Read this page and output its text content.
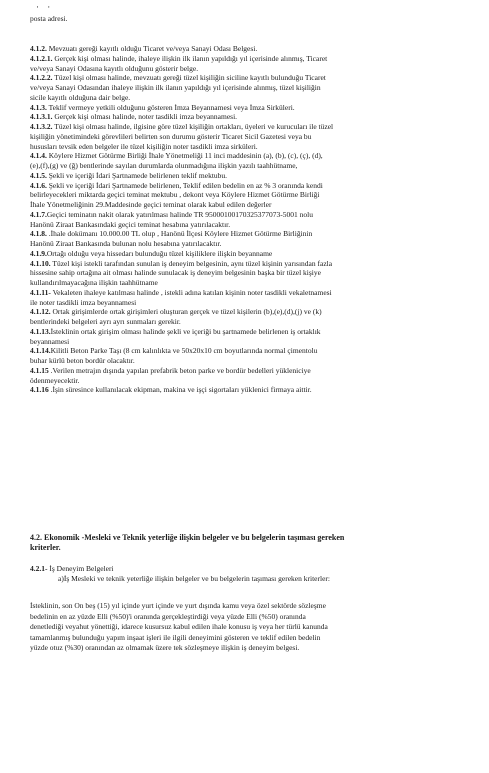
· ·
posta adresi.
4.1.2. Mevzuatı gereği kayıtlı olduğu Ticaret ve/veya Sanayi Odası Belgesi.
4.1.2.1. Gerçek kişi olması halinde, ihaleye ilişkin ilk ilanın yapıldığı yıl içerisinde alınmış, Ticaret
ve/veya Sanayi Odasına kayıtlı olduğunu gösterir belge.
4.1.2.2. Tüzel kişi olması halinde, mevzuatı gereği tüzel kişiliğin siciline kayıtlı bulunduğu Ticaret
ve/veya Sanayi Odasından ihaleye ilişkin ilk ilanın yapıldığı yıl içerisinde alınmış, tüzel kişiliğin
sicile kayıtlı olduğuna dair belge.
4.1.3. Teklif vermeye yetkili olduğunu gösteren İmza Beyannamesi veya İmza Sirküleri.
4.1.3.1. Gerçek kişi olması halinde, noter tasdikli imza beyannamesi.
4.1.3.2. Tüzel kişi olması halinde, ilgisine göre tüzel kişiliğin ortakları, üyeleri ve kurucuları ile tüzel
kişiliğin yönetimindeki görevlileri belirten son durumu gösterir Ticaret Sicil Gazetesi veya bu
hususları tevsik eden belgeler ile tüzel kişiliğin noter tasdikli imza sirküleri.
4.1.4. Köylere Hizmet Götürme Birliği İhale Yönetmeliği 11 inci maddesinin (a), (b), (c), (ç), (d),
(e),(f),(g) ve (ğ) bentlerinde sayılan durumlarda olunmadığına ilişkin yazılı taahhütname,
4.1.5. Şekli ve içeriği İdari Şartnamede belirlenen teklif mektubu.
4.1.6. Şekli ve içeriği İdari Şartnamede belirlenen, Teklif edilen bedelin en az % 3 oranında kendi
belirleyecekleri miktarda geçici teminat mektubu , dekont veya Köylere Hizmet Götürme Birliği
İhale Yönetmeliğinin 29.Maddesinde geçici teminat olarak kabul edilen değerler
4.1.7.Geçici teminatın nakit olarak yatırılması halinde TR 950001001703253770​73-5001 nolu
Hanönü Ziraat Bankasındaki geçici teminat hesabına yatırılacaktır.
4.1.8. .İhale dokümanı 10.000.00 TL olup , Hanönü İlçesi Köylere Hizmet Götürme Birliğinin
Hanönü Ziraat Bankasında bulunan nolu hesabına yatırılacaktır.
4.1.9.Ortağı olduğu veya hissedarı bulunduğu tüzel kişiliklere ilişkin beyanname
4.1.10. Tüzel kişi istekli tarafından sunulan iş deneyim belgesinin, aynı tüzel kişinin yarısından fazla
hissesine sahip ortağına ait olması halinde sunulacak iş deneyim belgesinin başka bir tüzel kişiye
kullandırılmayacağına ilişkin taahhütname
4.1.11- Vekaleten ihaleye katılması halinde , istekli adına katılan kişinin noter tasdikli vekaletnamesi
ile noter tasdikli imza beyannamesi
4.1.12. Ortak girişimlerde ortak girişimleri oluşturan gerçek ve tüzel kişilerin (b),(e),(d),(j) ve (k)
bentlerindeki belgeleri ayrı ayrı sunmaları gerekir.
4.1.13.İsteklinin ortak girişim olması halinde şekli ve içeriği bu şartnamede belirlenen iş ortaklık
beyannamesi
4.1.14.Kilitli Beton Parke Taşı (8 cm kalınlıkta ve 50x20x10 cm boyutlarında normal çimentolu
buhar kürlü beton bordür olacaktır.
4.1.15 .Verilen metrajın dışında yapılan prefabrik beton parke ve bordür bedelleri yükleniciye
ödenmeyecektir.
4.1.16 .İşin süresince kullanılacak ekipman, makina ve işçi sigortaları yüklenici firmaya aittir.
4.2. Ekonomik -Mesleki ve Teknik yeterliğe ilişkin belgeler ve bu belgelerin taşıması gereken
kriterler.
4.2.1- İş Deneyim Belgeleri
a)İş Mesleki ve teknik yeterliğe ilişkin belgeler ve bu belgelerin taşıması gereken kriterler:
İsteklinin, son On beş (15) yıl içinde yurt içinde ve yurt dışında kamu veya özel sektörde sözleşme
bedelinin en az yüzde Elli (%50)'i oranında gerçekleştirdiği veya yüzde Elli (%50) oranında
denetlediği veyahut yönettiği, idarece kusursuz kabul edilen ihale konusu iş veya her türlü kanunda
tamamlanmış bulunduğu yapım inşaat işleri ile ilgili deneyimini gösteren ve teklif edilen bedelin
yüzde otuz (%30) oranından az olmamak üzere tek sözleşmeye ilişkin iş deneyim belgesi.
